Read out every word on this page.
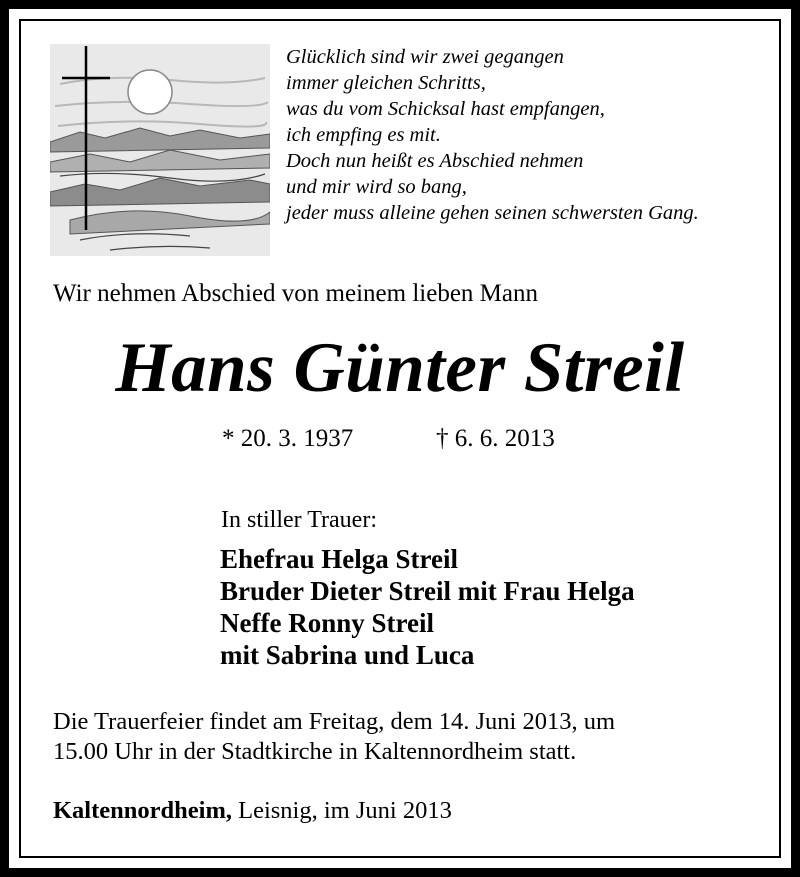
Glücklich sind wir zwei gegangen
immer gleichen Schritts,
was du vom Schicksal hast empfangen,
ich empfing es mit.
Doch nun heißt es Abschied nehmen
und mir wird so bang,
jeder muss alleine gehen seinen schwersten Gang.
Wir nehmen Abschied von meinem lieben Mann
Hans Günter Streil
* 20. 3. 1937	† 6. 6. 2013
In stiller Trauer:
Ehefrau Helga Streil
Bruder Dieter Streil mit Frau Helga
Neffe Ronny Streil
mit Sabrina und Luca
Die Trauerfeier findet am Freitag, dem 14. Juni 2013, um
15.00 Uhr in der Stadtkirche in Kaltennordheim statt.
Kaltennordheim, Leisnig, im Juni 2013
